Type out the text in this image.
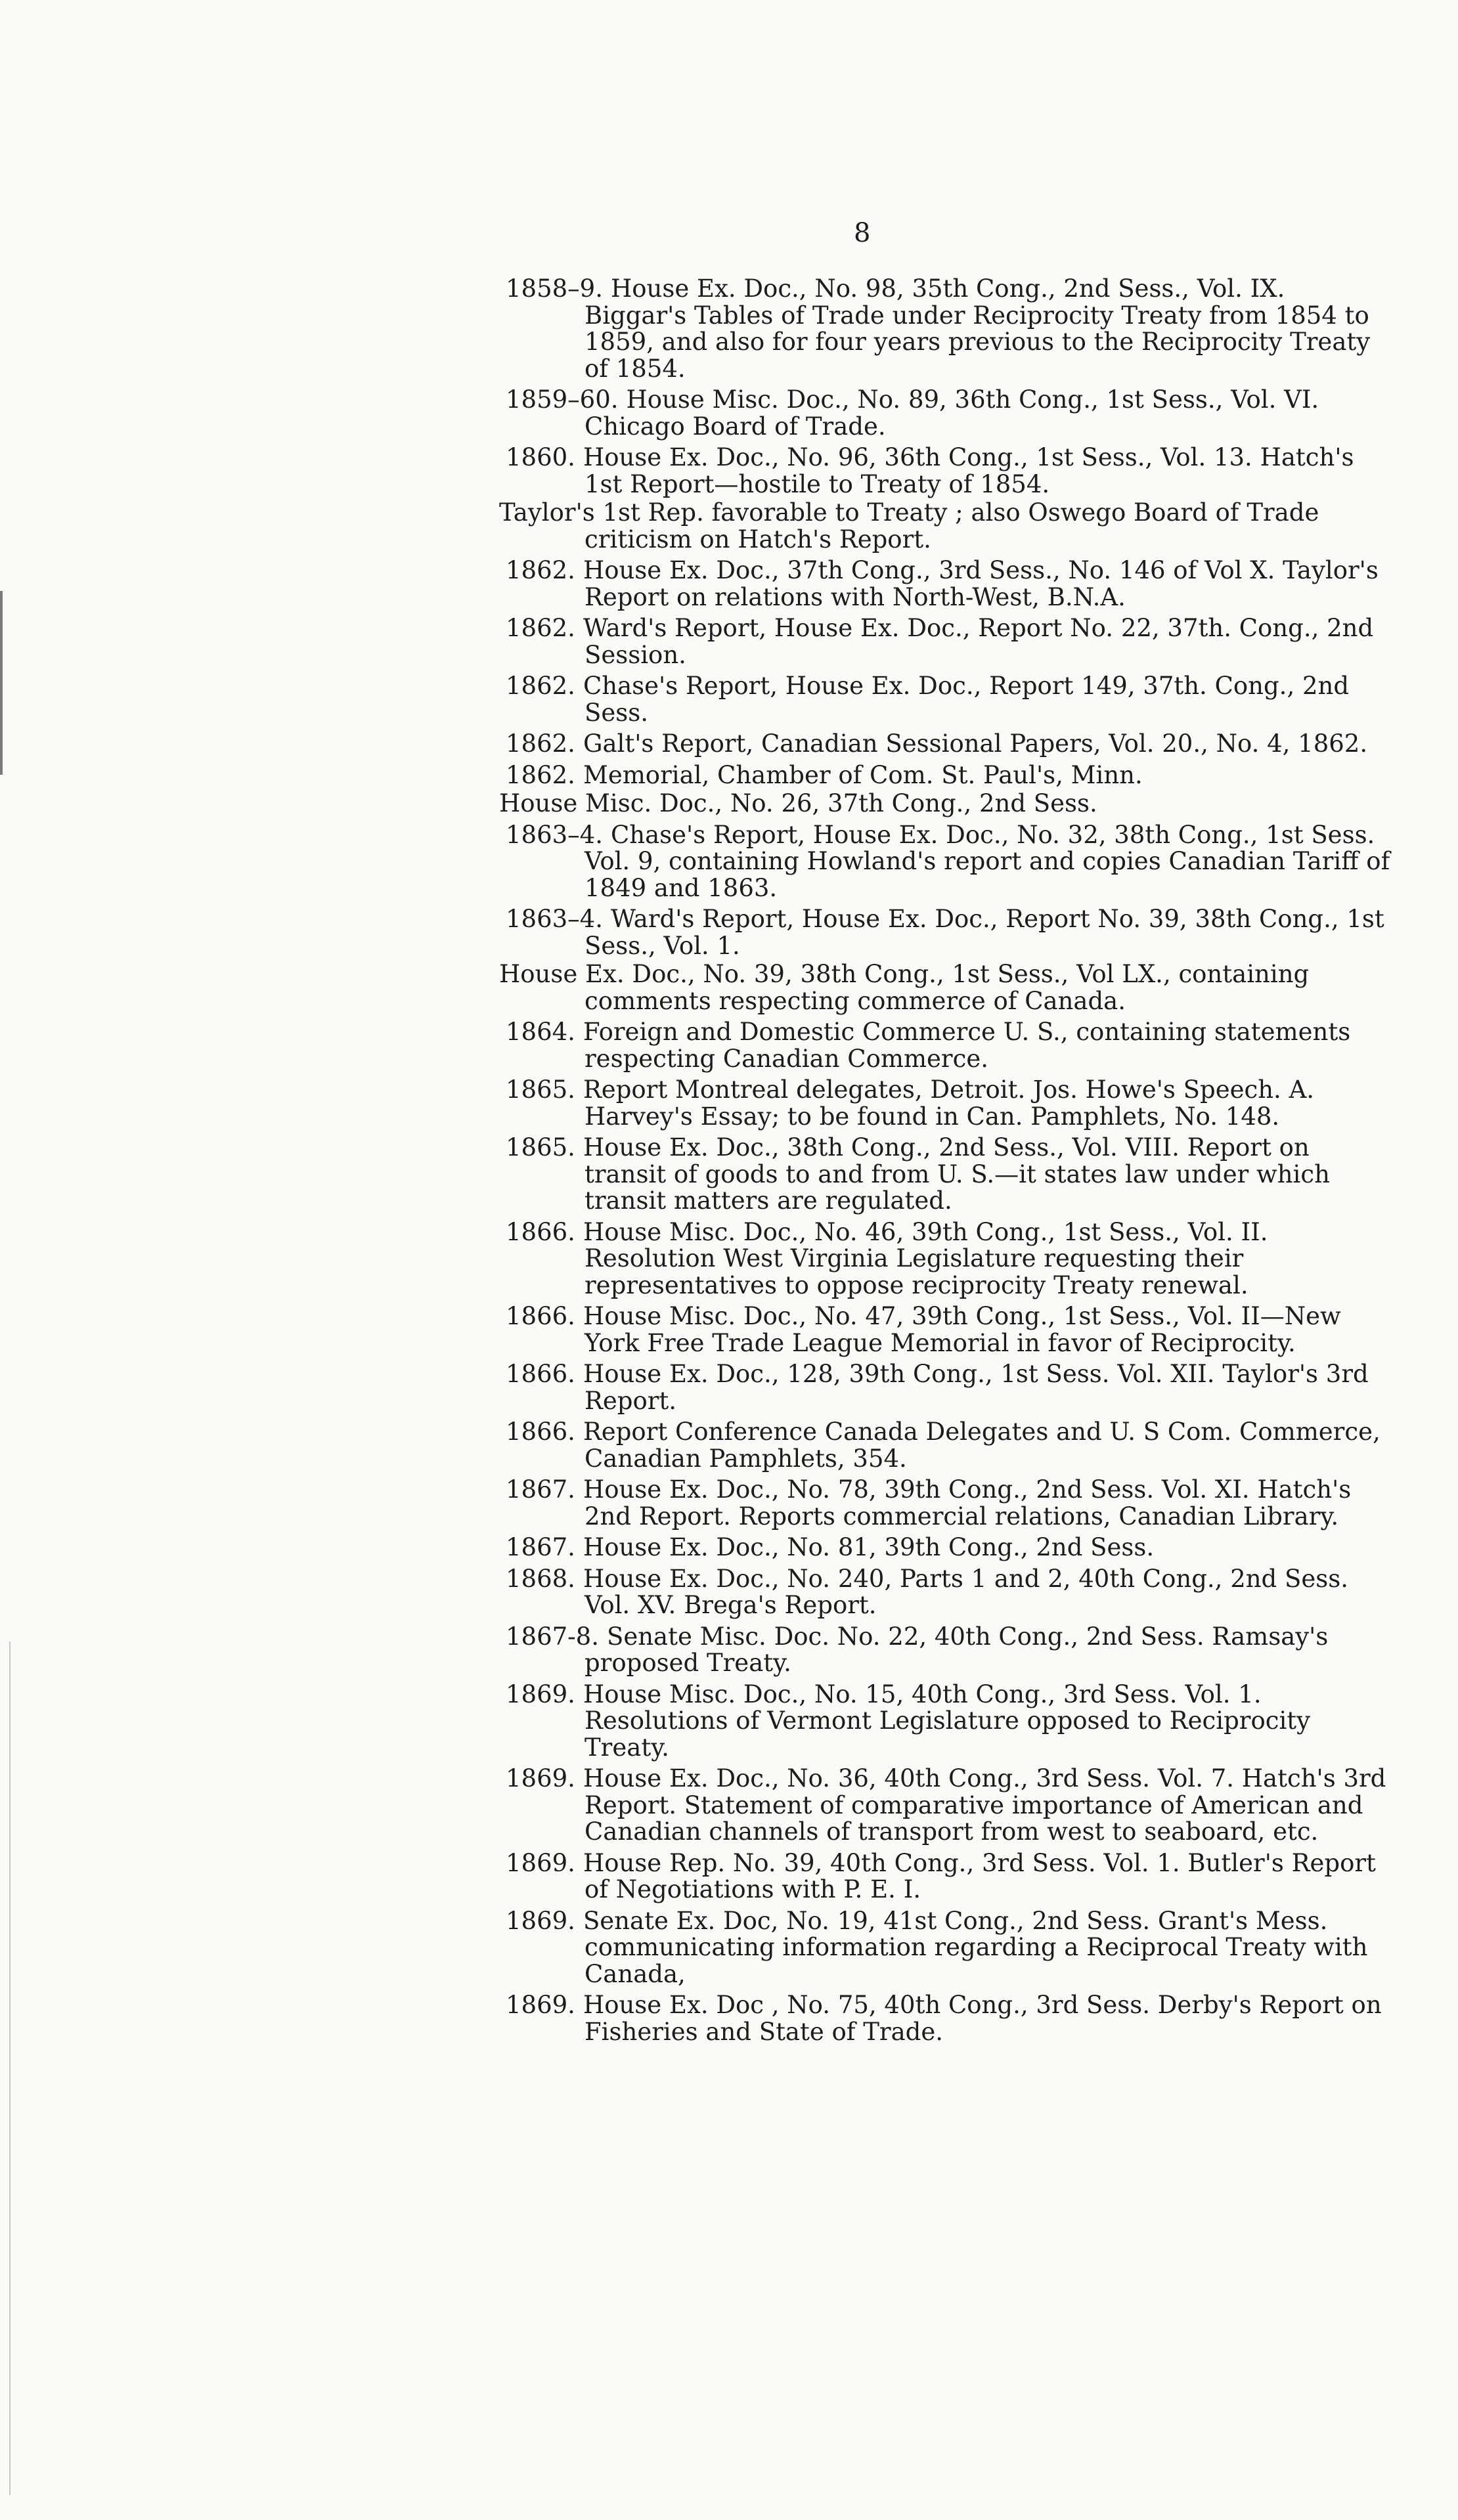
8

1858–9. House Ex. Doc., No. 98, 35th Cong., 2nd Sess., Vol. IX. Biggar's Tables of Trade under Reciprocity Treaty from 1854 to 1859, and also for four years previous to the Reciprocity Treaty of 1854.

1859–60. House Misc. Doc., No. 89, 36th Cong., 1st Sess., Vol. VI. Chicago Board of Trade.

1860. House Ex. Doc., No. 96, 36th Cong., 1st Sess., Vol. 13. Hatch's 1st Report—hostile to Treaty of 1854.

Taylor's 1st Rep. favorable to Treaty ; also Oswego Board of Trade criticism on Hatch's Report.

1862. House Ex. Doc., 37th Cong., 3rd Sess., No. 146 of Vol X. Taylor's Report on relations with North-West, B.N.A.

1862. Ward's Report, House Ex. Doc., Report No. 22, 37th. Cong., 2nd Session.

1862. Chase's Report, House Ex. Doc., Report 149, 37th. Cong., 2nd Sess.

1862. Galt's Report, Canadian Sessional Papers, Vol. 20., No. 4, 1862.

1862. Memorial, Chamber of Com. St. Paul's, Minn.

House Misc. Doc., No. 26, 37th Cong., 2nd Sess.

1863–4. Chase's Report, House Ex. Doc., No. 32, 38th Cong., 1st Sess. Vol. 9, containing Howland's report and copies Canadian Tariff of 1849 and 1863.

1863–4. Ward's Report, House Ex. Doc., Report No. 39, 38th Cong., 1st Sess., Vol. 1.

House Ex. Doc., No. 39, 38th Cong., 1st Sess., Vol LX., containing comments respecting commerce of Canada.

1864. Foreign and Domestic Commerce U. S., containing statements respecting Canadian Commerce.

1865. Report Montreal delegates, Detroit. Jos. Howe's Speech. A. Harvey's Essay; to be found in Can. Pamphlets, No. 148.

1865. House Ex. Doc., 38th Cong., 2nd Sess., Vol. VIII. Report on transit of goods to and from U. S.—it states law under which transit matters are regulated.

1866. House Misc. Doc., No. 46, 39th Cong., 1st Sess., Vol. II. Resolution West Virginia Legislature requesting their representatives to oppose reciprocity Treaty renewal.

1866. House Misc. Doc., No. 47, 39th Cong., 1st Sess., Vol. II—New York Free Trade League Memorial in favor of Reciprocity.

1866. House Ex. Doc., 128, 39th Cong., 1st Sess. Vol. XII. Taylor's 3rd Report.

1866. Report Conference Canada Delegates and U. S Com. Commerce, Canadian Pamphlets, 354.

1867. House Ex. Doc., No. 78, 39th Cong., 2nd Sess. Vol. XI. Hatch's 2nd Report. Reports commercial relations, Canadian Library.

1867. House Ex. Doc., No. 81, 39th Cong., 2nd Sess.

1868. House Ex. Doc., No. 240, Parts 1 and 2, 40th Cong., 2nd Sess. Vol. XV. Brega's Report.

1867-8. Senate Misc. Doc. No. 22, 40th Cong., 2nd Sess. Ramsay's proposed Treaty.

1869. House Misc. Doc., No. 15, 40th Cong., 3rd Sess. Vol. 1. Resolutions of Vermont Legislature opposed to Reciprocity Treaty.

1869. House Ex. Doc., No. 36, 40th Cong., 3rd Sess. Vol. 7. Hatch's 3rd Report. Statement of comparative importance of American and Canadian channels of transport from west to seaboard, etc.

1869. House Rep. No. 39, 40th Cong., 3rd Sess. Vol. 1. Butler's Report of Negotiations with P. E. I.

1869. Senate Ex. Doc, No. 19, 41st Cong., 2nd Sess. Grant's Mess. communicating information regarding a Reciprocal Treaty with Canada,

1869. House Ex. Doc , No. 75, 40th Cong., 3rd Sess. Derby's Report on Fisheries and State of Trade.
